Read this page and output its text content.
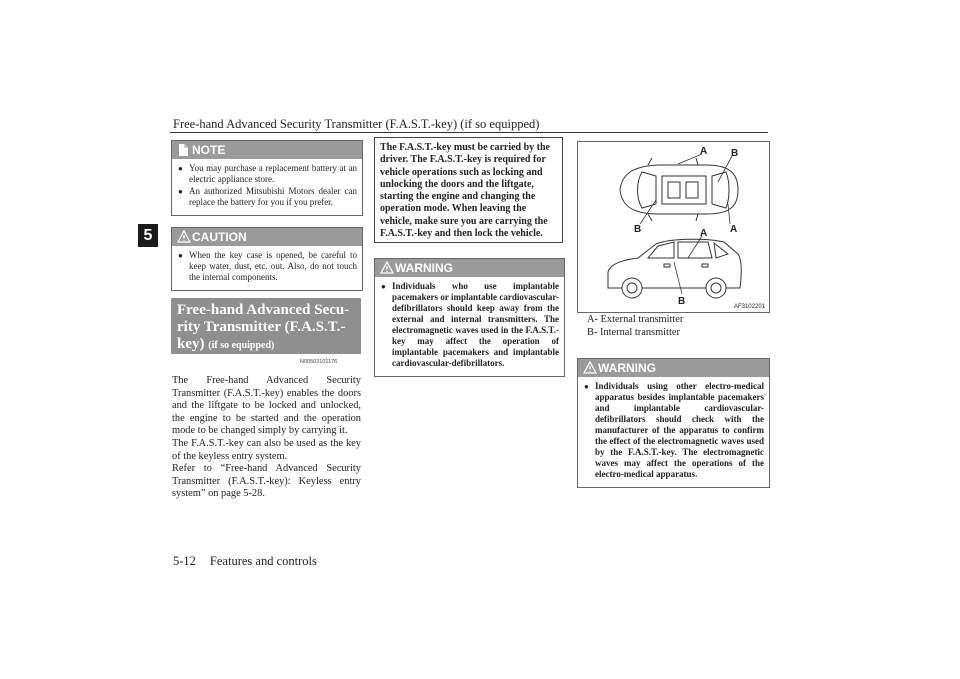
Free-hand Advanced Security Transmitter (F.A.S.T.-key) (if so equipped)
5
NOTE
● You may purchase a replacement battery at an electric appliance store.
● An authorized Mitsubishi Motors dealer can replace the battery for you if you prefer.
CAUTION
● When the key case is opened, be careful to keep water, dust, etc. out. Also, do not touch the internal components.
Free-hand Advanced Secu-
rity Transmitter (F.A.S.T.-
key) (if so equipped)
N00503101176

The Free-hand Advanced Security Transmitter (F.A.S.T.-key) enables the doors and the liftgate to be locked and unlocked, the engine to be started and the operation mode to be changed simply by carrying it.

The F.A.S.T.-key can also be used as the key of the keyless entry system.

Refer to “Free-hand Advanced Security Transmitter (F.A.S.T.-key): Keyless entry system” on page 5-28.

The F.A.S.T.-key must be carried by the driver. The F.A.S.T.-key is required for vehicle operations such as locking and unlocking the doors and the liftgate, starting the engine and changing the operation mode. When leaving the vehicle, make sure you are carrying the F.A.S.T.-key and then lock the vehicle.
WARNING
● Individuals who use implantable pacemakers or implantable cardiovascular-defibrillators should keep away from the external and internal transmitters. The electromagnetic waves used in the F.A.S.T.-key may affect the operation of implantable pacemakers and implantable cardiovascular-defibrillators.
A B
B	A
A
B	AF3102201
A- External transmitter
B- Internal transmitter
WARNING
● Individuals using other electro-medical apparatus besides implantable pacemakers and implantable cardiovascular-defibrillators should check with the manufacturer of the apparatus to confirm the effect of the electromagnetic waves used by the F.A.S.T.-key. The electromagnetic waves may affect the operations of the electro-medical apparatus.
5-12 Features and controls
